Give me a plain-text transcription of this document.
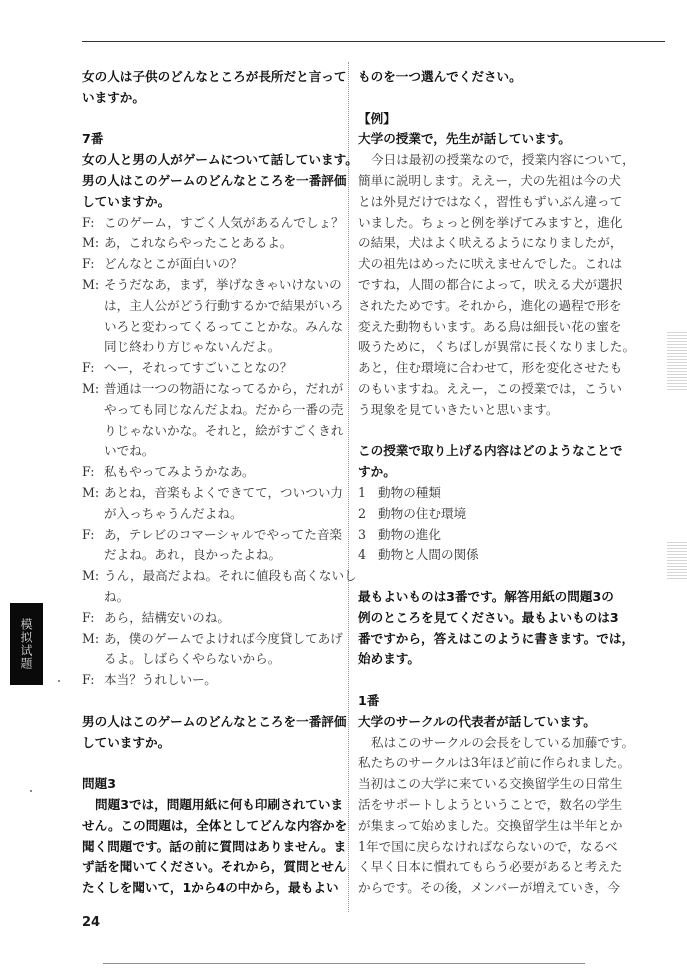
女の人は子供のどんなところが長所だと言って
いますか。
7番
女の人と男の人がゲームについて話しています。
男の人はこのゲームのどんなところを一番評価
していますか。
F: このゲーム，すごく人気があるんでしょ？
M: あ，これならやったことあるよ。
F: どんなとこが面白いの？
M: そうだなあ，まず，挙げなきゃいけないの
は，主人公がどう行動するかで結果がいろ
いろと変わってくるってことかな。みんな
同じ終わり方じゃないんだよ。
F: へー，それってすごいことなの？
M: 普通は一つの物語になってるから，だれが
やっても同じなんだよね。だから一番の売
りじゃないかな。それと，絵がすごくきれ
いでね。
F: 私もやってみようかなあ。
M: あとね，音楽もよくできてて，ついつい力
が入っちゃうんだよね。
F: あ，テレビのコマーシャルでやってた音楽
だよね。あれ，良かったよね。
M: うん，最高だよね。それに値段も高くないし
ね。
F: あら，結構安いのね。
M: あ，僕のゲームでよければ今度貸してあげ
るよ。しばらくやらないから。
F: 本当？うれしいー。
男の人はこのゲームのどんなところを一番評価
していますか。
問題3
問題3では，問題用紙に何も印刷されていま
せん。この問題は，全体としてどんな内容かを
聞く問題です。話の前に質問はありません。ま
ず話を聞いてください。それから，質問とせん
たくしを聞いて，1から4の中から，最もよい
ものを一つ選んでください。
【例】
大学の授業で，先生が話しています。
今日は最初の授業なので，授業内容について，
簡単に説明します。ええー，犬の先祖は今の犬
とは外見だけではなく，習性もずいぶん違って
いました。ちょっと例を挙げてみますと，進化
の結果，犬はよく吠えるようになりましたが，
犬の祖先はめったに吠えませんでした。これは
ですね，人間の都合によって，吠える犬が選択
されたためです。それから，進化の過程で形を
変えた動物もいます。ある鳥は細長い花の蜜を
吸うために，くちばしが異常に長くなりました。
あと，住む環境に合わせて，形を変化させたも
のもいますね。ええー，この授業では，こうい
う現象を見ていきたいと思います。
この授業で取り上げる内容はどのようなことで
すか。
1 動物の種類
2 動物の住む環境
3 動物の進化
4 動物と人間の関係
最もよいものは3番です。解答用紙の問題3の
例のところを見てください。最もよいものは3
番ですから，答えはこのように書きます。では，
始めます。
1番
大学のサークルの代表者が話しています。
私はこのサークルの会長をしている加藤です。
私たちのサークルは3年ほど前に作られました。
当初はこの大学に来ている交換留学生の日常生
活をサポートしようということで，数名の学生
が集まって始めました。交換留学生は半年とか
1年で国に戻らなければならないので，なるべ
く早く日本に慣れてもらう必要があると考えた
からです。その後，メンバーが増えていき，今
模拟试题
24
